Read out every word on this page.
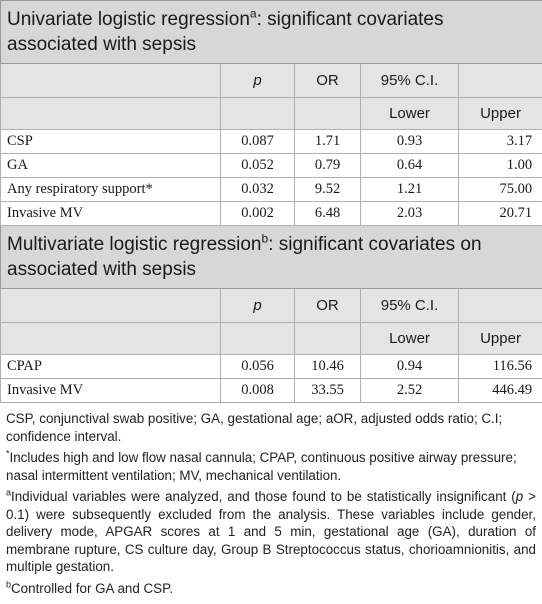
Univariate logistic regression$^a$: significant covariates associated with sepsis				
	p	OR	95% C.I.	
			Lower	Upper
CSP	0.087	1.71	0.93	3.17
GA	0.052	0.79	0.64	1.00
Any respiratory support*	0.032	9.52	1.21	75.00
Invasive MV	0.002	6.48	2.03	20.71
Multivariate logistic regression$^b$: significant covariates on associated with sepsis				
	p	OR	95% C.I.	
			Lower	Upper
CPAP	0.056	10.46	0.94	116.56
Invasive MV	0.008	33.55	2.52	446.49

CSP, conjunctival swab positive; GA, gestational age; aOR, adjusted odds ratio; C.I; confidence interval.

*Includes high and low flow nasal cannula; CPAP, continuous positive airway pressure; nasal intermittent ventilation; MV, mechanical ventilation.

$^a$Individual variables were analyzed, and those found to be statistically insignificant (p > 0.1) were subsequently excluded from the analysis. These variables include gender, delivery mode, APGAR scores at 1 and 5 min, gestational age (GA), duration of membrane rupture, CS culture day, Group B Streptococcus status, chorioamnionitis, and multiple gestation.

$^b$Controlled for GA and CSP.
